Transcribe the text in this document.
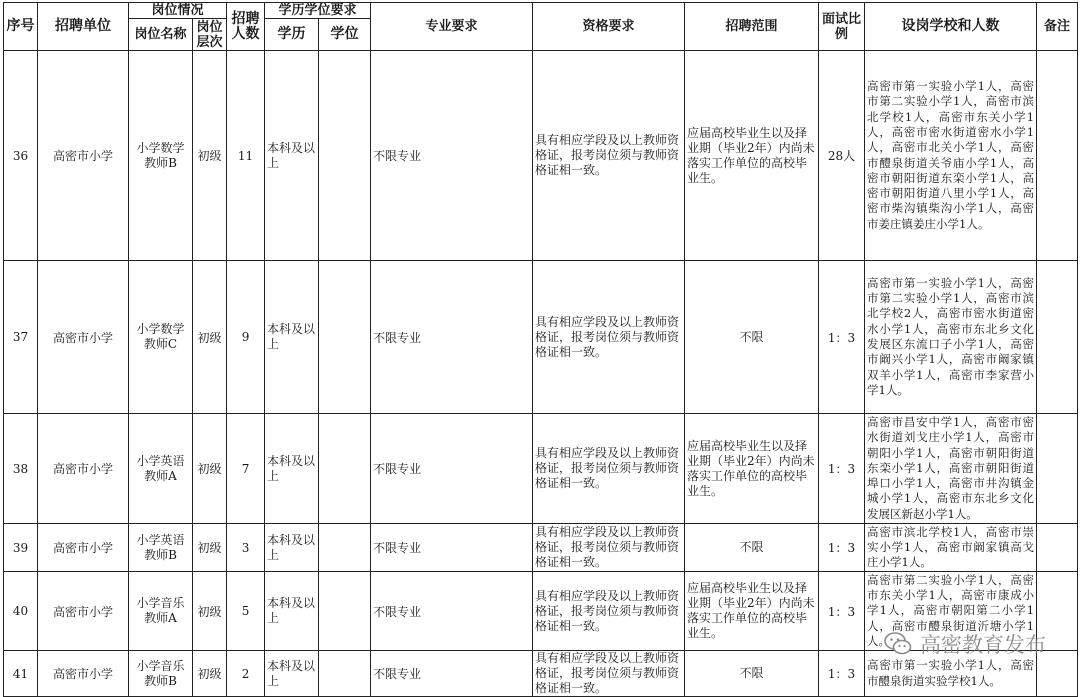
序号	招聘单位	岗位情况		招聘人数	学历学位要求		专业要求	资格要求	招聘范围	面试比例	设岗学校和人数	备注
		岗位名称	岗位层次		学历	学位						
36	高密市小学	小学数学教师B	初级	11	本科及以上		不限专业	具有相应学段及以上教师资格证，报考岗位须与教师资格证相一致。	应届高校毕业生以及择业期（毕业2年）内尚未落实工作单位的高校毕业生。	28人	高密市第一实验小学1人，高密市第二实验小学1人，高密市滨北学校1人，高密市东关小学1人，高密市密水街道密水小学1人，高密市北关小学1人，高密市醴泉街道关爷庙小学1人，高密市朝阳街道东栾小学1人，高密市朝阳街道八里小学1人，高密市柴沟镇柴沟小学1人，高密市姜庄镇姜庄小学1人。	
37	高密市小学	小学数学教师C	初级	9	本科及以上		不限专业	具有相应学段及以上教师资格证，报考岗位须与教师资格证相一致。	不限	1：3	高密市第一实验小学1人，高密市第二实验小学1人，高密市滨北学校2人，高密市密水街道密水小学1人，高密市东北乡文化发展区东流口子小学1人，高密市阚兴小学1人，高密市阚家镇双羊小学1人，高密市李家营小学1人。	
38	高密市小学	小学英语教师A	初级	7	本科及以上		不限专业	具有相应学段及以上教师资格证，报考岗位须与教师资格证相一致。	应届高校毕业生以及择业期（毕业2年）内尚未落实工作单位的高校毕业生。	1：3	高密市昌安中学1人，高密市密水街道刘戈庄小学1人，高密市朝阳小学1人，高密市朝阳街道东栾小学1人，高密市朝阳街道埠口小学1人，高密市井沟镇金城小学1人，高密市东北乡文化发展区新赵小学1人。	
39	高密市小学	小学英语教师B	初级	3	本科及以上		不限专业	具有相应学段及以上教师资格证，报考岗位须与教师资格证相一致。	不限	1：3	高密市滨北学校1人，高密市崇实小学1人，高密市阚家镇高戈庄小学1人。	
40	高密市小学	小学音乐教师A	初级	5	本科及以上		不限专业	具有相应学段及以上教师资格证，报考岗位须与教师资格证相一致。	应届高校毕业生以及择业期（毕业2年）内尚未落实工作单位的高校毕业生。	1：3	高密市第二实验小学1人，高密市东关小学1人，高密市康成小学1人，高密市朝阳第二小学1人，高密市醴泉街道沂塘小学1人。	
41	高密市小学	小学音乐教师B	初级	2	本科及以上		不限专业	具有相应学段及以上教师资格证，报考岗位须与教师资格证相一致。	不限	1：3	高密市第一实验小学1人，高密市醴泉街道实验学校1人。	
高密教育发布
